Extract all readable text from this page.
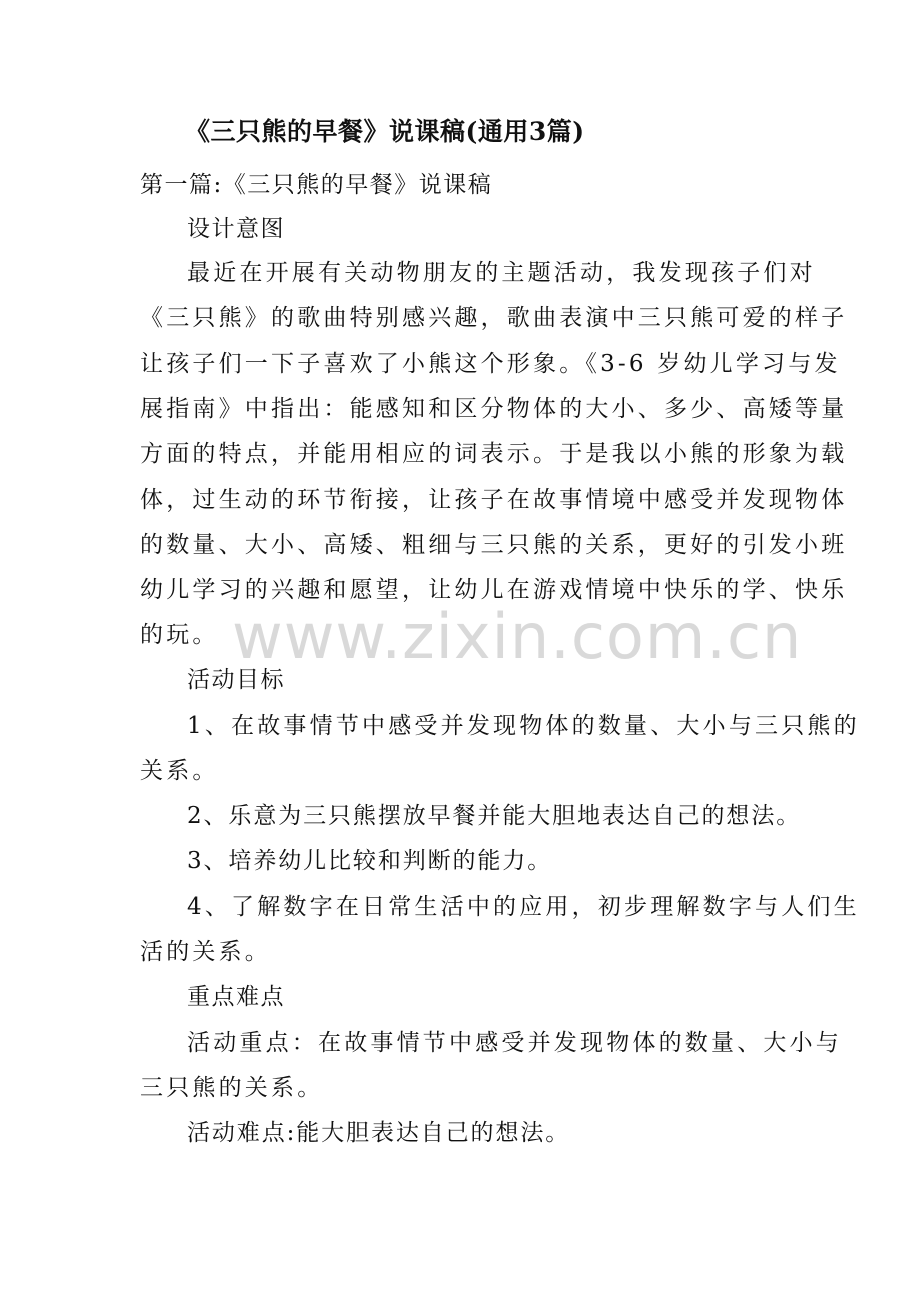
《三只熊的早餐》说课稿(通用3篇)
第一篇:《三只熊的早餐》说课稿
设计意图
最近在开展有关动物朋友的主题活动，我发现孩子们对
《三只熊》的歌曲特别感兴趣，歌曲表演中三只熊可爱的样子
让孩子们一下子喜欢了小熊这个形象。《3-6 岁幼儿学习与发
展指南》中指出：能感知和区分物体的大小、多少、高矮等量
方面的特点，并能用相应的词表示。于是我以小熊的形象为载
体，过生动的环节衔接，让孩子在故事情境中感受并发现物体
的数量、大小、高矮、粗细与三只熊的关系，更好的引发小班
幼儿学习的兴趣和愿望，让幼儿在游戏情境中快乐的学、快乐
的玩。
活动目标
1、在故事情节中感受并发现物体的数量、大小与三只熊的
关系。
2、乐意为三只熊摆放早餐并能大胆地表达自己的想法。
3、培养幼儿比较和判断的能力。
4、了解数字在日常生活中的应用，初步理解数字与人们生
活的关系。
重点难点
活动重点：在故事情节中感受并发现物体的数量、大小与
三只熊的关系。
活动难点:能大胆表达自己的想法。
www.zixin.com.cn
